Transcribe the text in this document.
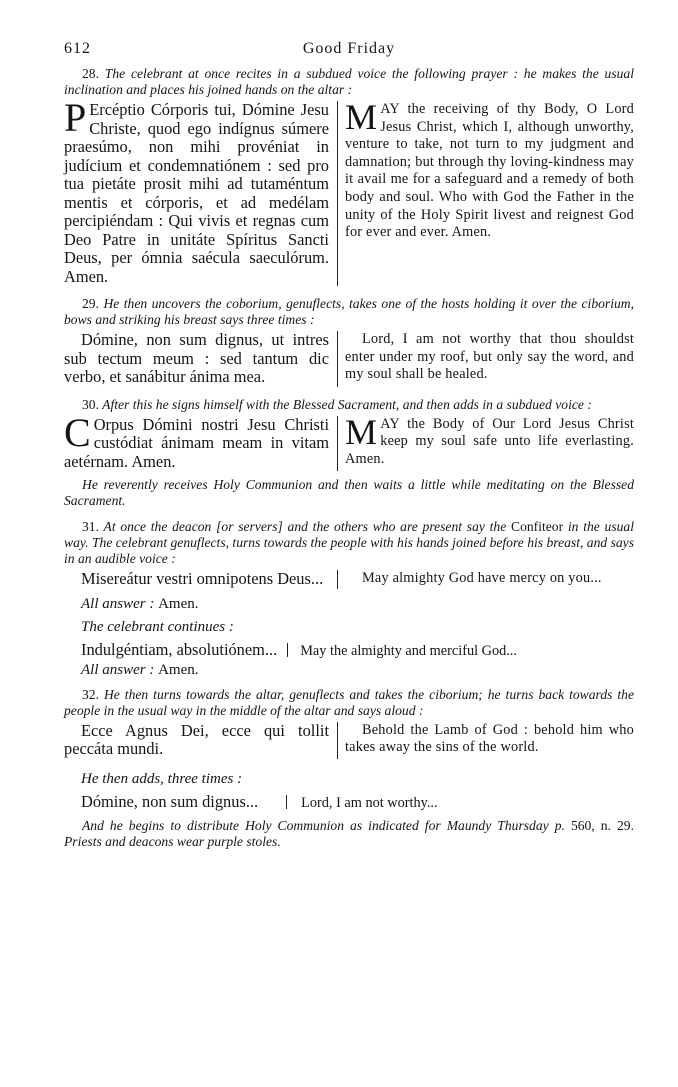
612	Good Friday

28. The celebrant at once recites in a subdued voice the following prayer : he makes the usual inclination and places his joined hands on the altar :

P Ercéptio Córporis tui, Dómine Jesu Christe, quod ego indígnus súmere praesúmo, non mihi provéniat in judícium et condemnatiónem : sed pro tua pietáte prosit mihi ad tutaméntum mentis et córporis, et ad medélam percipiéndam : Qui vivis et regnas cum Deo Patre in unitáte Spíritus Sancti Deus, per ómnia saécula saeculórum. Amen.
MAY the receiving of thy Body, O Lord Jesus Christ, which I, although unworthy, venture to take, not turn to my judgment and damnation; but through thy loving-kindness may it avail me for a safeguard and a remedy of both body and soul. Who with God the Father in the unity of the Holy Spirit livest and reignest God for ever and ever. Amen.

29. He then uncovers the coborium, genuflects, takes one of the hosts holding it over the ciborium, bows and striking his breast says three times :

Dómine, non sum dignus, ut intres sub tectum meum : sed tantum dic verbo, et sanábitur ánima mea.
Lord, I am not worthy that thou shouldst enter under my roof, but only say the word, and my soul shall be healed.

30. After this he signs himself with the Blessed Sacrament, and then adds in a subdued voice :

C Orpus Dómini nostri Jesu Christi custódiat ánimam meam in vitam aetérnam. Amen.
MAY the Body of Our Lord Jesus Christ keep my soul safe unto life everlasting. Amen.

He reverently receives Holy Communion and then waits a little while meditating on the Blessed Sacrament.

31. At once the deacon [or servers] and the others who are present say the Confiteor in the usual way. The celebrant genuflects, turns towards the people with his hands joined before his breast, and says in an audible voice :

Misereátur vestri omnipotens Deus...	May almighty God have mercy on you...
All answer : Amen.
The celebrant continues :
Indulgéntiam, absolutiónem... May the almighty and merciful God...
All answer : Amen.

32. He then turns towards the altar, genuflects and takes the ciborium; he turns back towards the people in the usual way in the middle of the altar and says aloud :

Ecce Agnus Dei, ecce qui tollit peccáta mundi.
Behold the Lamb of God : behold him who takes away the sins of the world.
He then adds, three times :
Dómine, non sum dignus...	Lord, I am not worthy...

And he begins to distribute Holy Communion as indicated for Maundy Thursday p. 560, n. 29. Priests and deacons wear purple stoles.
